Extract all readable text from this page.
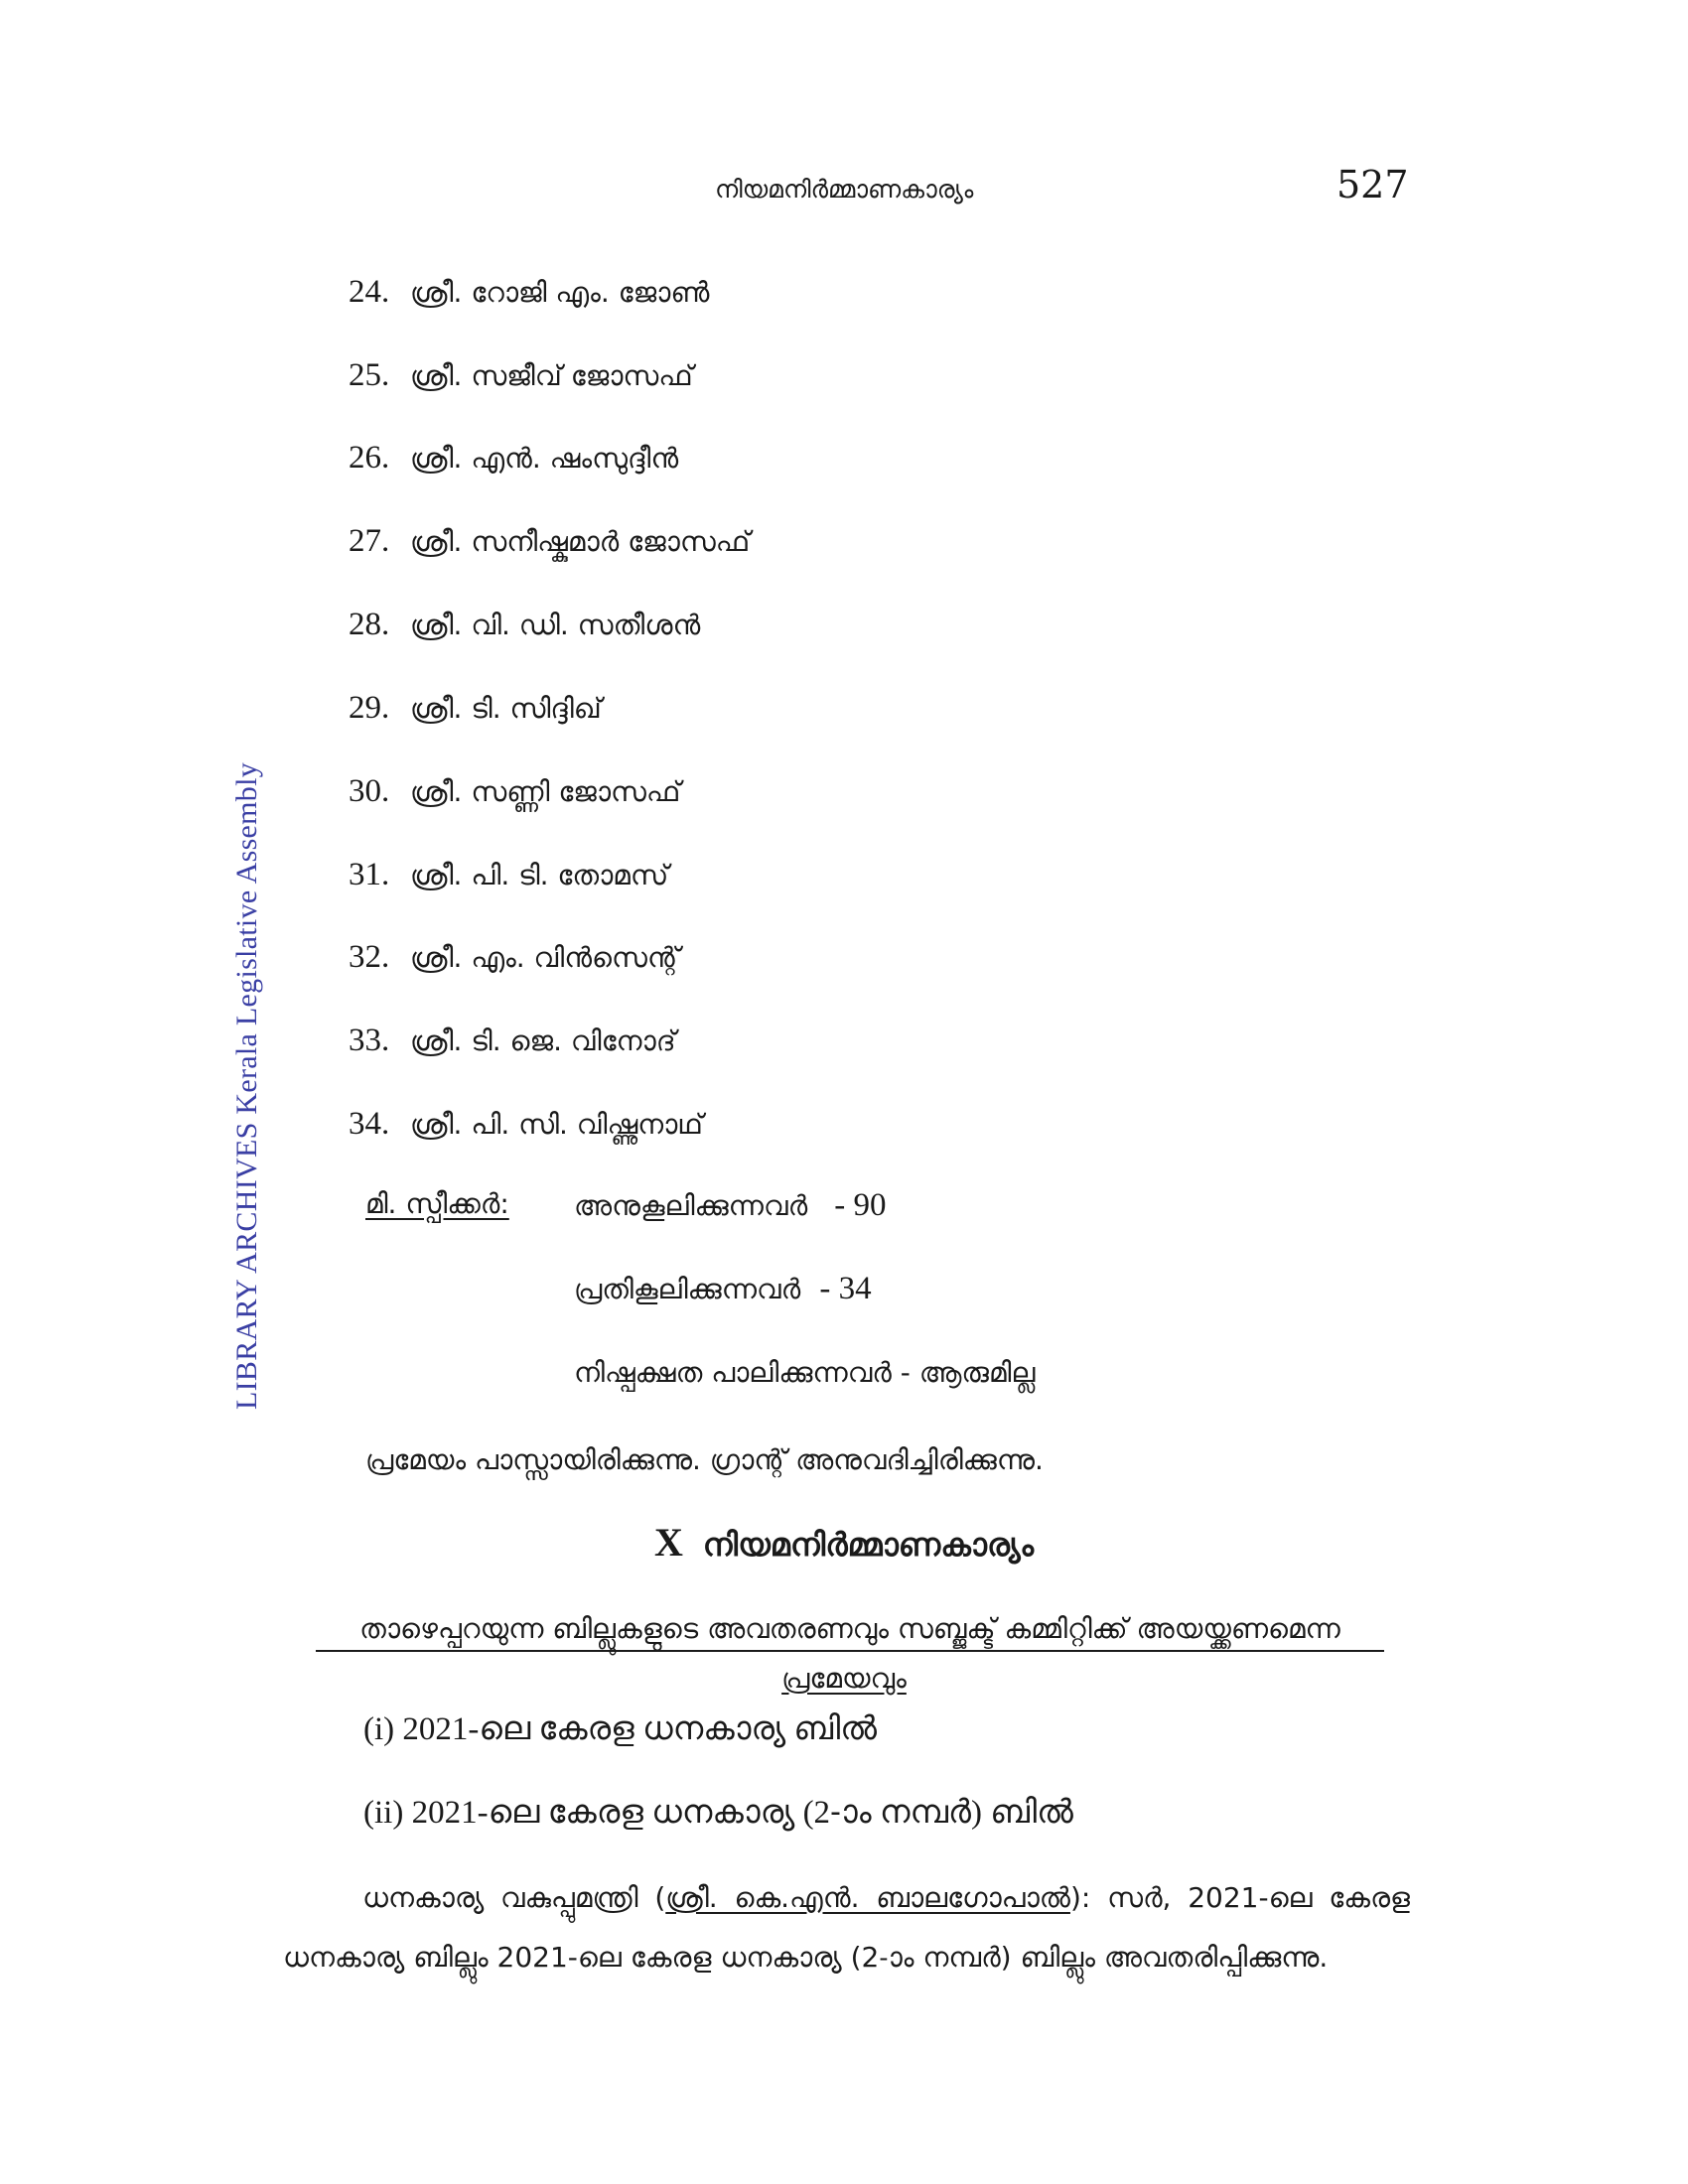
നിയമനിർമ്മാണകാര്യം	527
LIBRARY ARCHIVES Kerala Legislative Assembly
24. ശ്രീ. റോജി എം. ജോൺ
25. ശ്രീ. സജീവ് ജോസഫ്
26. ശ്രീ. എൻ. ഷംസുദ്ദീൻ
27. ശ്രീ. സനീഷ്കുമാർ ജോസഫ്
28. ശ്രീ. വി. ഡി. സതീശൻ
29. ശ്രീ. ടി. സിദ്ദിഖ്
30. ശ്രീ. സണ്ണി ജോസഫ്
31. ശ്രീ. പി. ടി. തോമസ്
32. ശ്രീ. എം. വിൻസെന്റ്
33. ശ്രീ. ടി. ജെ. വിനോദ്
34. ശ്രീ. പി. സി. വിഷ്ണുനാഥ്
മി. സ്പീക്കർ: അനുകൂലിക്കുന്നവർ - 90
പ്രതികൂലിക്കുന്നവർ - 34
നിഷ്പക്ഷത പാലിക്കുന്നവർ - ആരുമില്ല
പ്രമേയം പാസ്സായിരിക്കുന്നു. ഗ്രാന്റ് അനുവദിച്ചിരിക്കുന്നു.
X നിയമനിർമ്മാണകാര്യം
താഴെപ്പറയുന്ന ബില്ലുകളുടെ അവതരണവും സബ്ജക്ട് കമ്മിറ്റിക്ക് അയയ്ക്കണമെന്ന
പ്രമേയവും
(i) 2021-ലെ കേരള ധനകാര്യ ബിൽ
(ii) 2021-ലെ കേരള ധനകാര്യ (2-ാം നമ്പർ) ബിൽ
ധനകാര്യ വകുപ്പുമന്ത്രി (ശ്രീ. കെ.എൻ. ബാലഗോപാൽ): സർ, 2021-ലെ കേരള ധനകാര്യ ബില്ലും 2021-ലെ കേരള ധനകാര്യ (2-ാം നമ്പർ) ബില്ലും അവതരിപ്പിക്കുന്നു.
